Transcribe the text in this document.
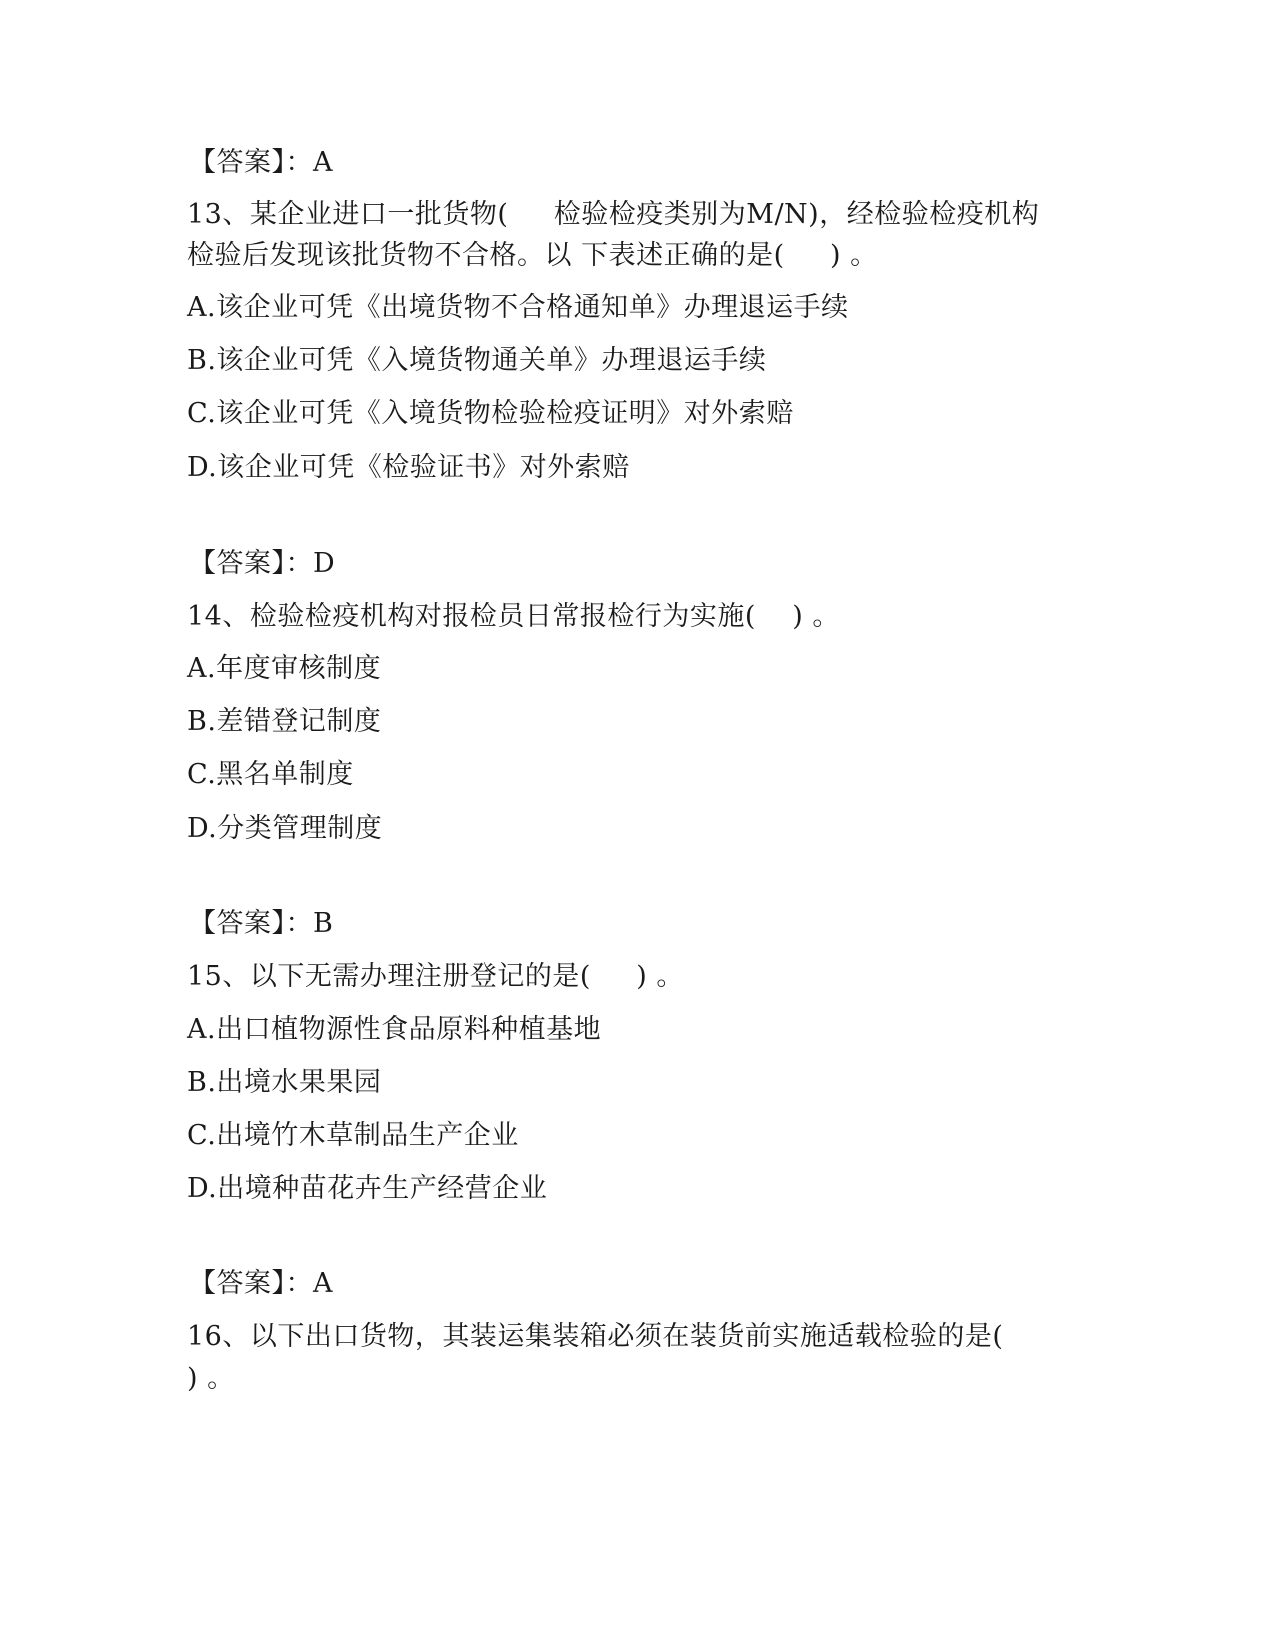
【答案】：A
13、某企业进口一批货物(     检验检疫类别为M/N)，经检验检疫机构
检验后发现该批货物不合格。以 下表述正确的是(     ) 。
A.该企业可凭《出境货物不合格通知单》办理退运手续
B.该企业可凭《入境货物通关单》办理退运手续
C.该企业可凭《入境货物检验检疫证明》对外索赔
D.该企业可凭《检验证书》对外索赔
【答案】：D
14、检验检疫机构对报检员日常报检行为实施(    ) 。
A.年度审核制度
B.差错登记制度
C.黑名单制度
D.分类管理制度
【答案】：B
15、以下无需办理注册登记的是(     ) 。
A.出口植物源性食品原料种植基地
B.出境水果果园
C.出境竹木草制品生产企业
D.出境种苗花卉生产经营企业
【答案】：A
16、以下出口货物，其装运集装箱必须在装货前实施适载检验的是(
) 。
